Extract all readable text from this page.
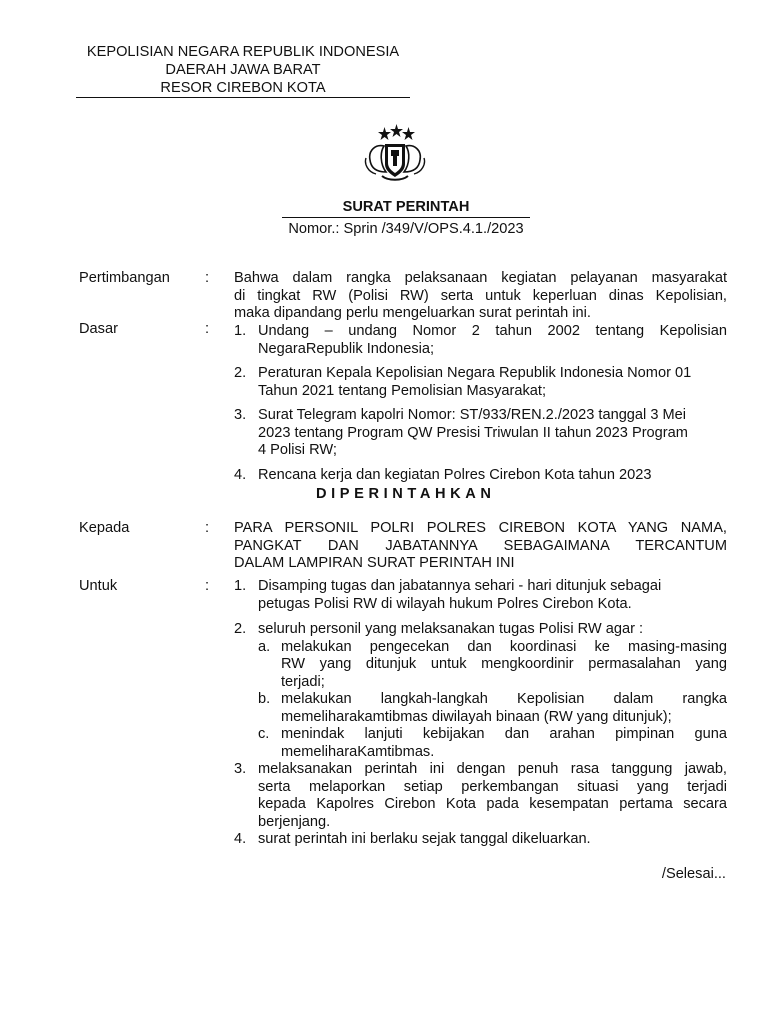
KEPOLISIAN NEGARA REPUBLIK INDONESIA
DAERAH JAWA BARAT
RESOR CIREBON KOTA
SURAT PERINTAH
Nomor.: Sprin /349/V/OPS.4.1./2023
Pertimbangan	:	Bahwa dalam rangka pelaksanaan kegiatan pelayanan masyarakat
di tingkat RW (Polisi RW) serta untuk keperluan dinas Kepolisian,
maka dipandang perlu mengeluarkan surat perintah ini.
Dasar	:	1. Undang – undang Nomor 2 tahun 2002 tentang Kepolisian
NegaraRepublik Indonesia;
2. Peraturan Kepala Kepolisian Negara Republik Indonesia Nomor 01
Tahun 2021 tentang Pemolisian Masyarakat;
3. Surat Telegram kapolri Nomor: ST/933/REN.2./2023 tanggal 3 Mei
2023 tentang Program QW Presisi Triwulan II tahun 2023 Program
4 Polisi RW;
4. Rencana kerja dan kegiatan Polres Cirebon Kota tahun 2023
DIPERINTAHKAN
Kepada	:	PARA PERSONIL POLRI POLRES CIREBON KOTA YANG NAMA,
PANGKAT DAN JABATANNYA SEBAGAIMANA TERCANTUM
DALAM LAMPIRAN SURAT PERINTAH INI
Untuk	:	1. Disamping tugas dan jabatannya sehari - hari ditunjuk sebagai
petugas Polisi RW di wilayah hukum Polres Cirebon Kota.
2. seluruh personil yang melaksanakan tugas Polisi RW agar :
a. melakukan pengecekan dan koordinasi ke masing-masing
RW yang ditunjuk untuk mengkoordinir permasalahan yang
terjadi;
b. melakukan langkah-langkah Kepolisian dalam rangka
memeliharakamtibmas diwilayah binaan (RW yang ditunjuk);
c. menindak lanjuti kebijakan dan arahan pimpinan guna
memeliharaKamtibmas.
3. melaksanakan perintah ini dengan penuh rasa tanggung jawab,
serta melaporkan setiap perkembangan situasi yang terjadi
kepada Kapolres Cirebon Kota pada kesempatan pertama secara
berjenjang.
4. surat perintah ini berlaku sejak tanggal dikeluarkan.
/Selesai...
